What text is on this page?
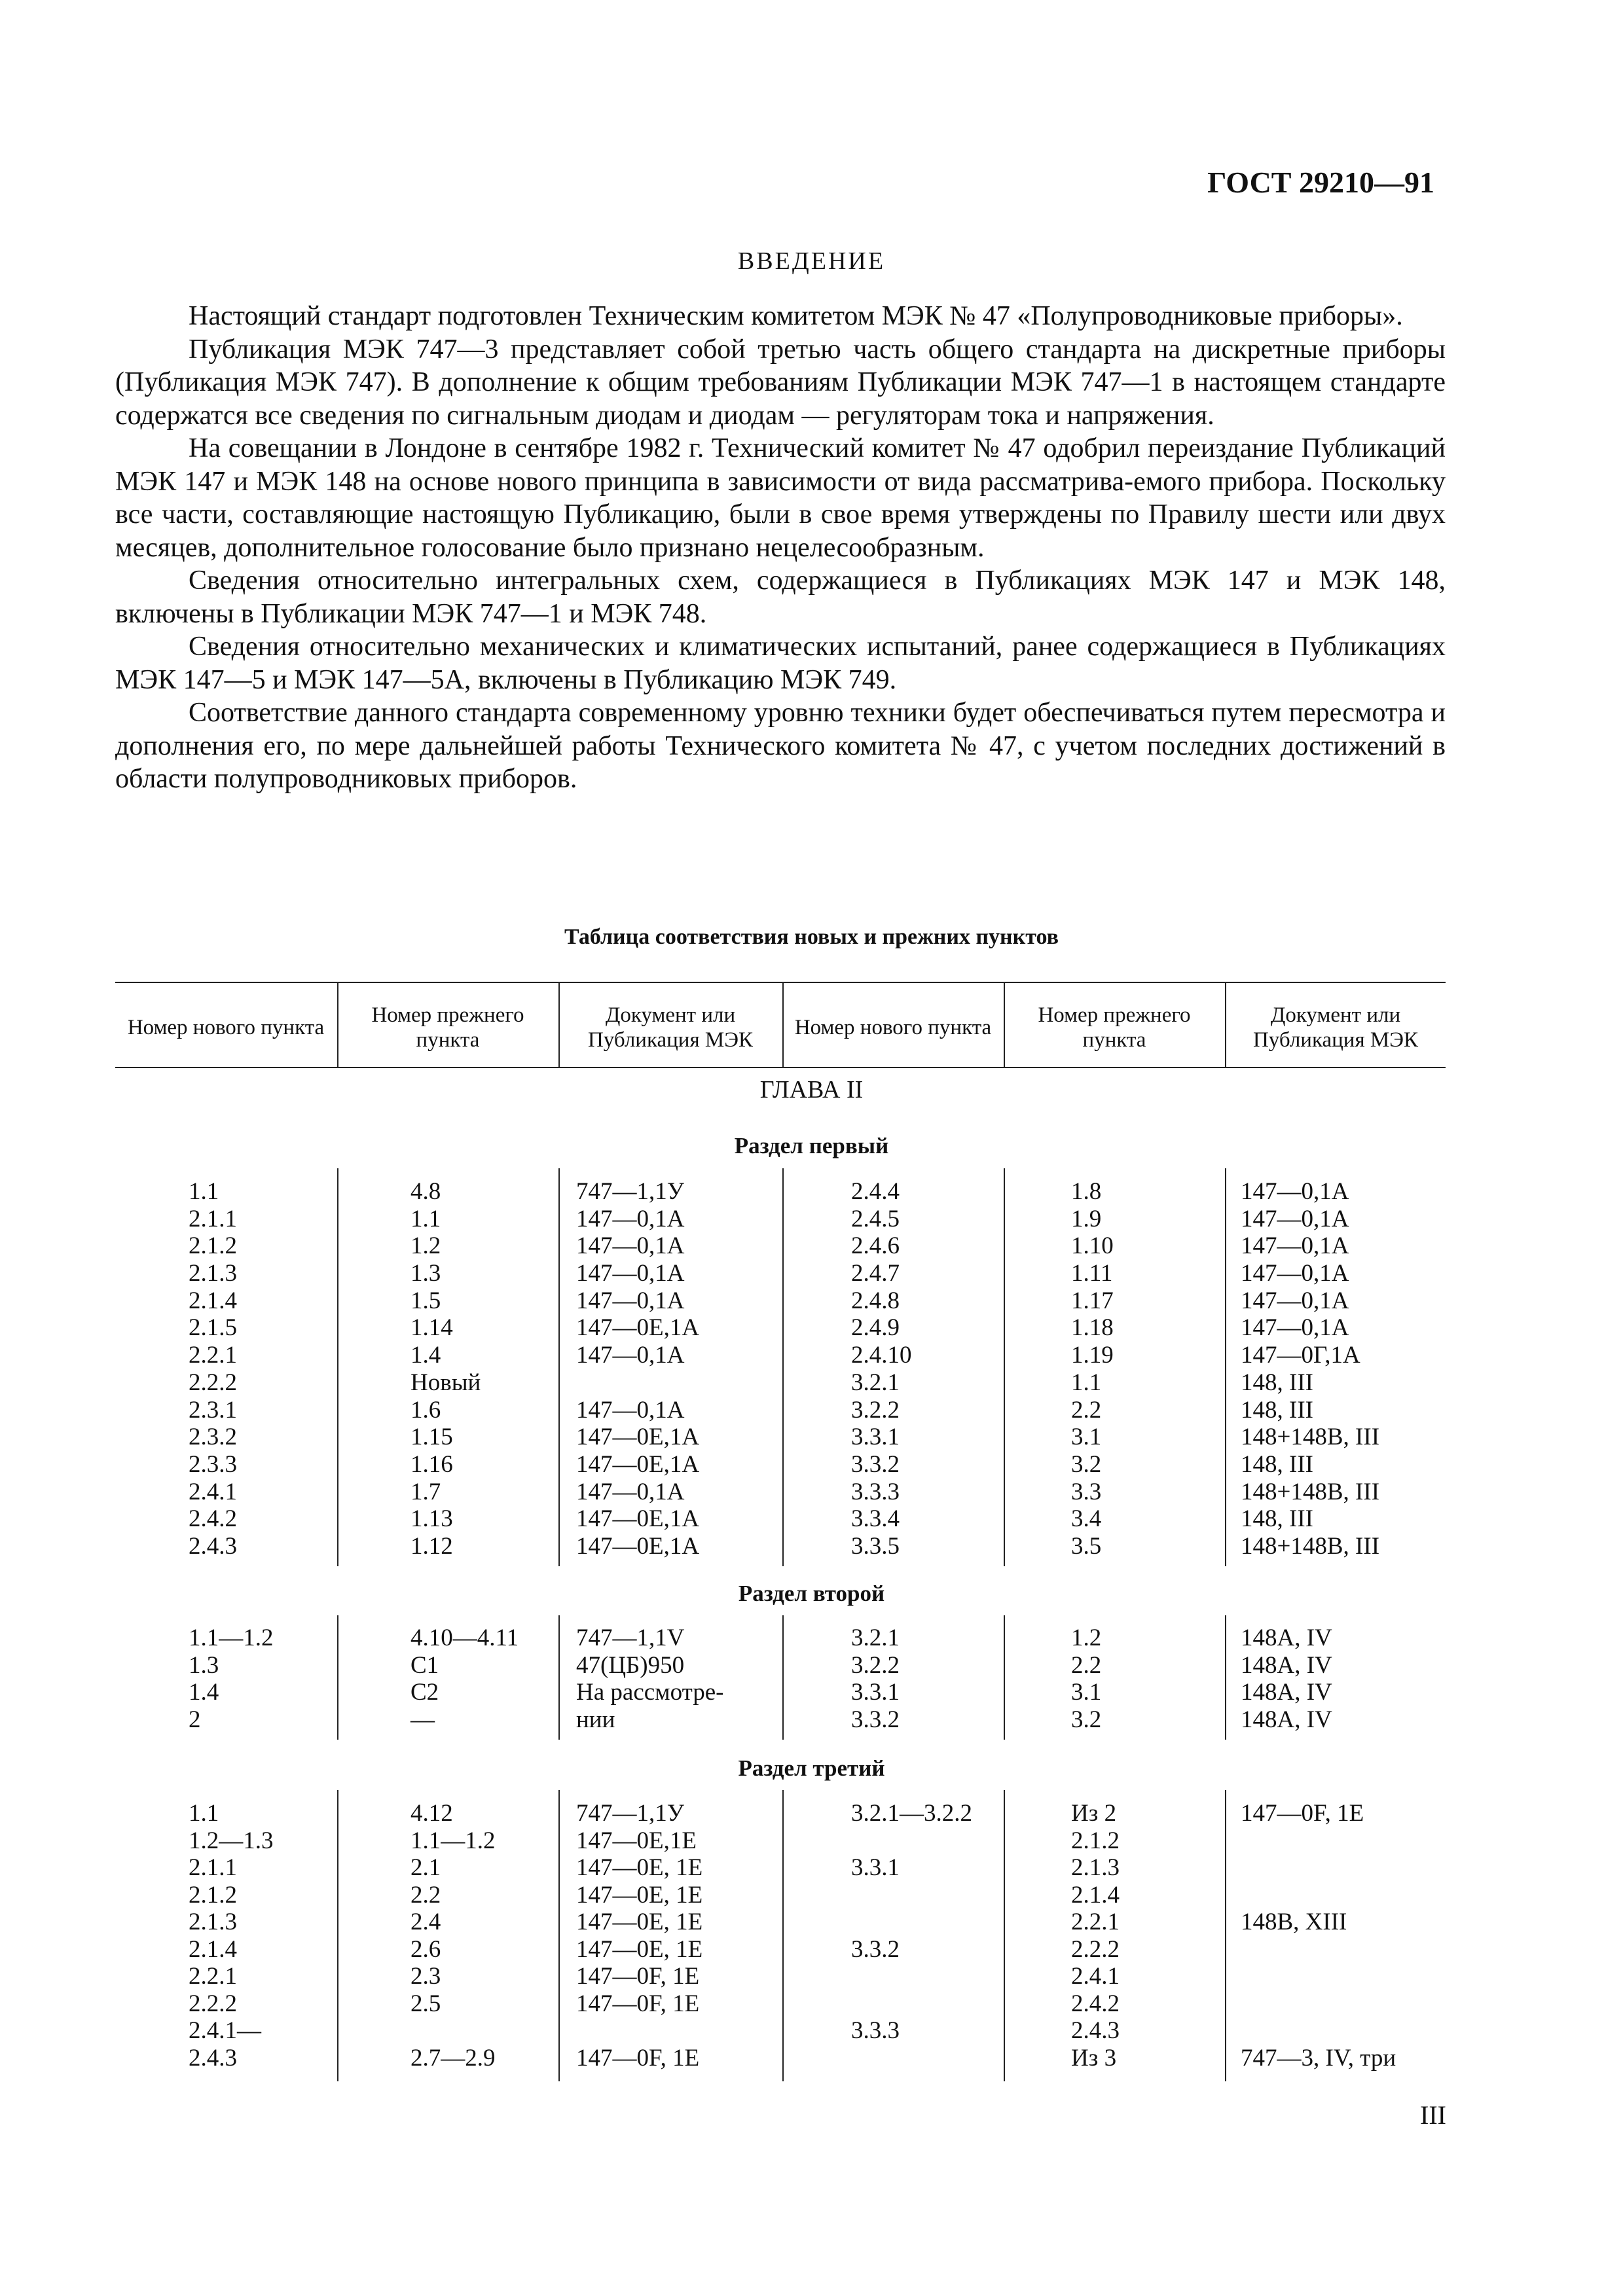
ГОСТ 29210—91
ВВЕДЕНИЕ

Настоящий стандарт подготовлен Техническим комитетом МЭК № 47 «Полупроводниковые приборы».

Публикация МЭК 747—3 представляет собой третью часть общего стандарта на дискретные приборы (Публикация МЭК 747). В дополнение к общим требованиям Публикации МЭК 747—1 в настоящем стандарте содержатся все сведения по сигнальным диодам и диодам — регуляторам тока и напряжения.

На совещании в Лондоне в сентябре 1982 г. Технический комитет № 47 одобрил переиздание Публикаций МЭК 147 и МЭК 148 на основе нового принципа в зависимости от вида рассматрива-емого прибора. Поскольку все части, составляющие настоящую Публикацию, были в свое время утверждены по Правилу шести или двух месяцев, дополнительное голосование было признано нецелесообразным.

Сведения относительно интегральных схем, содержащиеся в Публикациях МЭК 147 и МЭК 148, включены в Публикации МЭК 747—1 и МЭК 748.

Сведения относительно механических и климатических испытаний, ранее содержащиеся в Публикациях МЭК 147—5 и МЭК 147—5А, включены в Публикацию МЭК 749.

Соответствие данного стандарта современному уровню техники будет обеспечиваться путем пересмотра и дополнения его, по мере дальнейшей работы Технического комитета № 47, с учетом последних достижений в области полупроводниковых приборов.

Таблица соответствия новых и прежних пунктов
Номер нового пункта
Номер прежнего пункта
Документ или Публикация МЭК
Номер нового пункта
Номер прежнего пункта
Документ или Публикация МЭК
ГЛАВА II
Раздел первый
1.1
2.1.1
2.1.2
2.1.3
2.1.4
2.1.5
2.2.1
2.2.2
2.3.1
2.3.2
2.3.3
2.4.1
2.4.2
2.4.3
4.8
1.1
1.2
1.3
1.5
1.14
1.4
Новый
1.6
1.15
1.16
1.7
1.13
1.12
747—1,1У
147—0,1А
147—0,1А
147—0,1А
147—0,1А
147—0Е,1А
147—0,1А
147—0,1А
147—0Е,1А
147—0Е,1А
147—0,1А
147—0Е,1А
147—0Е,1А
2.4.4
2.4.5
2.4.6
2.4.7
2.4.8
2.4.9
2.4.10
3.2.1
3.2.2
3.3.1
3.3.2
3.3.3
3.3.4
3.3.5
1.8
1.9
1.10
1.11
1.17
1.18
1.19
1.1
2.2
3.1
3.2
3.3
3.4
3.5
147—0,1А
147—0,1А
147—0,1А
147—0,1А
147—0,1А
147—0,1А
147—0Г,1А
148, III
148, III
148+148В, III
148, III
148+148В, III
148, III
148+148В, III
Раздел второй
1.1—1.2
1.3
1.4
2
4.10—4.11
С1
С2
—
747—1,1V
47(ЦБ)950
На рассмотре-
нии
3.2.1
3.2.2
3.3.1
3.3.2
1.2
2.2
3.1
3.2
148А, IV
148А, IV
148А, IV
148А, IV
Раздел третий
1.1
1.2—1.3
2.1.1
2.1.2
2.1.3
2.1.4
2.2.1
2.2.2
2.4.1—
2.4.3
4.12
1.1—1.2
2.1
2.2
2.4
2.6
2.3
2.5
2.7—2.9
747—1,1У
147—0Е,1Е
147—0Е, 1Е
147—0Е, 1Е
147—0Е, 1Е
147—0Е, 1Е
147—0F, 1Е
147—0F, 1Е
147—0F, 1Е
3.2.1—3.2.2
3.3.1
3.3.2
3.3.3
Из 2
2.1.2
2.1.3
2.1.4
2.2.1
2.2.2
2.4.1
2.4.2
2.4.3
Из 3
147—0F, 1Е
148В, XIII
747—3, IV, три
III
